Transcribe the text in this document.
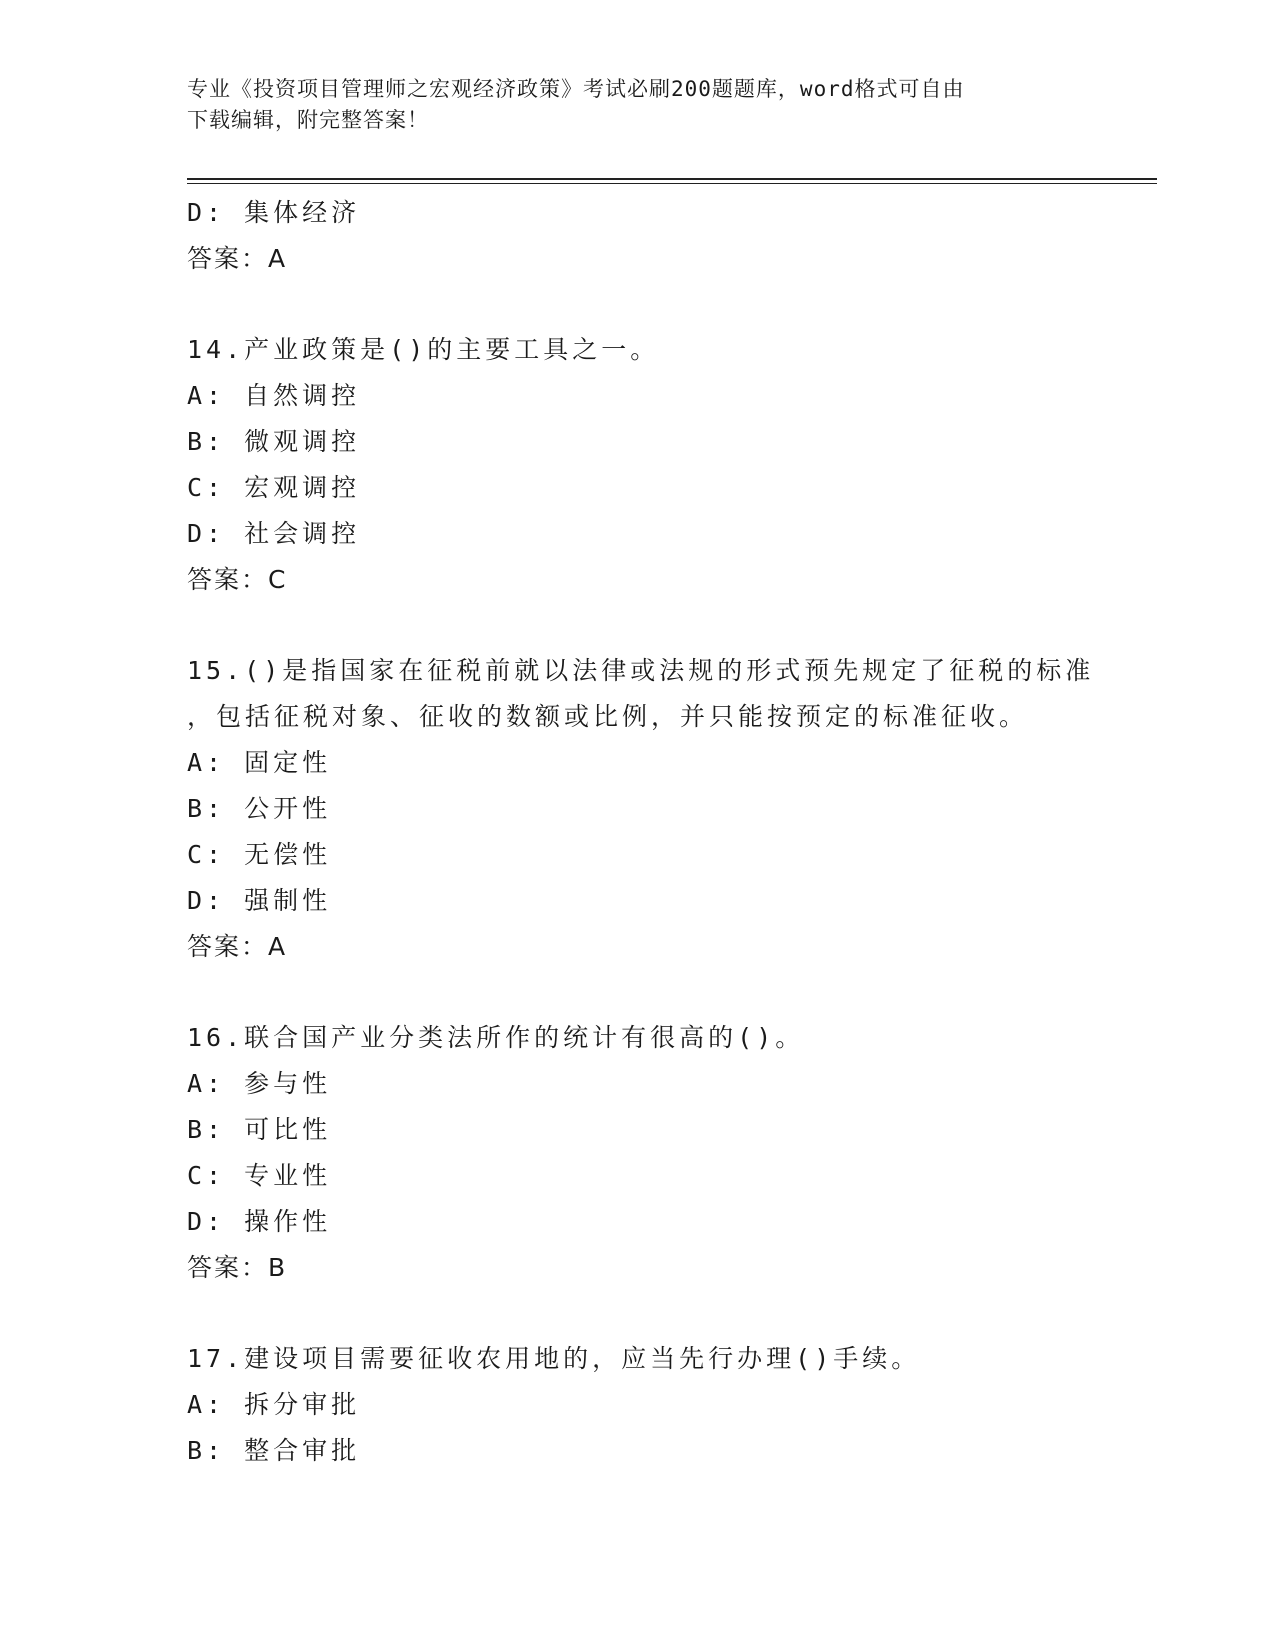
专业《投资项目管理师之宏观经济政策》考试必刷200题题库，word格式可自由
下载编辑，附完整答案！
D: 集体经济
答案：A
14.产业政策是()的主要工具之一。
A: 自然调控
B: 微观调控
C: 宏观调控
D: 社会调控
答案：C
15.()是指国家在征税前就以法律或法规的形式预先规定了征税的标准
，包括征税对象、征收的数额或比例，并只能按预定的标准征收。
A: 固定性
B: 公开性
C: 无偿性
D: 强制性
答案：A
16.联合国产业分类法所作的统计有很高的()。
A: 参与性
B: 可比性
C: 专业性
D: 操作性
答案：B
17.建设项目需要征收农用地的，应当先行办理()手续。
A: 拆分审批
B: 整合审批
